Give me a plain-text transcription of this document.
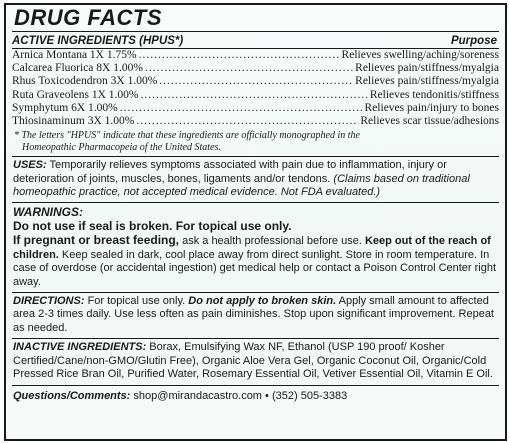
DRUG FACTS
ACTIVE INGREDIENTS (HPUS*)	Purpose
Arnica Montana 1X 1.75% .....	Relieves swelling/aching/soreness
Calcarea Fluorica 8X 1.00% .....	Relieves pain/stiffness/myalgia
Rhus Toxicodendron 3X 1.00% .....	Relieves pain/stiffness/myalgia
Ruta Graveolens 1X 1.00% .....	Relieves tendonitis/stiffness
Symphytum 6X 1.00% .....	Relieves pain/injury to bones
Thiosinaminum 3X 1.00% .....	Relieves scar tissue/adhesions
* The letters "HPUS" indicate that these ingredients are officially monographed in the
Homeopathic Pharmacopeia of the United States.
USES: Temporarily relieves symptoms associated with pain due to inflammation, injury or deterioration of joints, muscles, bones, ligaments and/or tendons. (Claims based on traditional homeopathic practice, not accepted medical evidence. Not FDA evaluated.)
WARNINGS:
Do not use if seal is broken. For topical use only.
If pregnant or breast feeding, ask a health professional before use. Keep out of the reach of children. Keep sealed in dark, cool place away from direct sunlight. Store in room temperature. In case of overdose (or accidental ingestion) get medical help or contact a Poison Control Center right away.
DIRECTIONS: For topical use only. Do not apply to broken skin. Apply small amount to affected area 2-3 times daily. Use less often as pain diminishes. Stop upon significant improvement. Repeat as needed.
INACTIVE INGREDIENTS: Borax, Emulsifying Wax NF, Ethanol (USP 190 proof/ Kosher Certified/Cane/non-GMO/Glutin Free), Organic Aloe Vera Gel, Organic Coconut Oil, Organic/Cold Pressed Rice Bran Oil, Purified Water, Rosemary Essential Oil, Vetiver Essential Oil, Vitamin E Oil.
Questions/Comments: shop@mirandacastro.com • (352) 505-3383
